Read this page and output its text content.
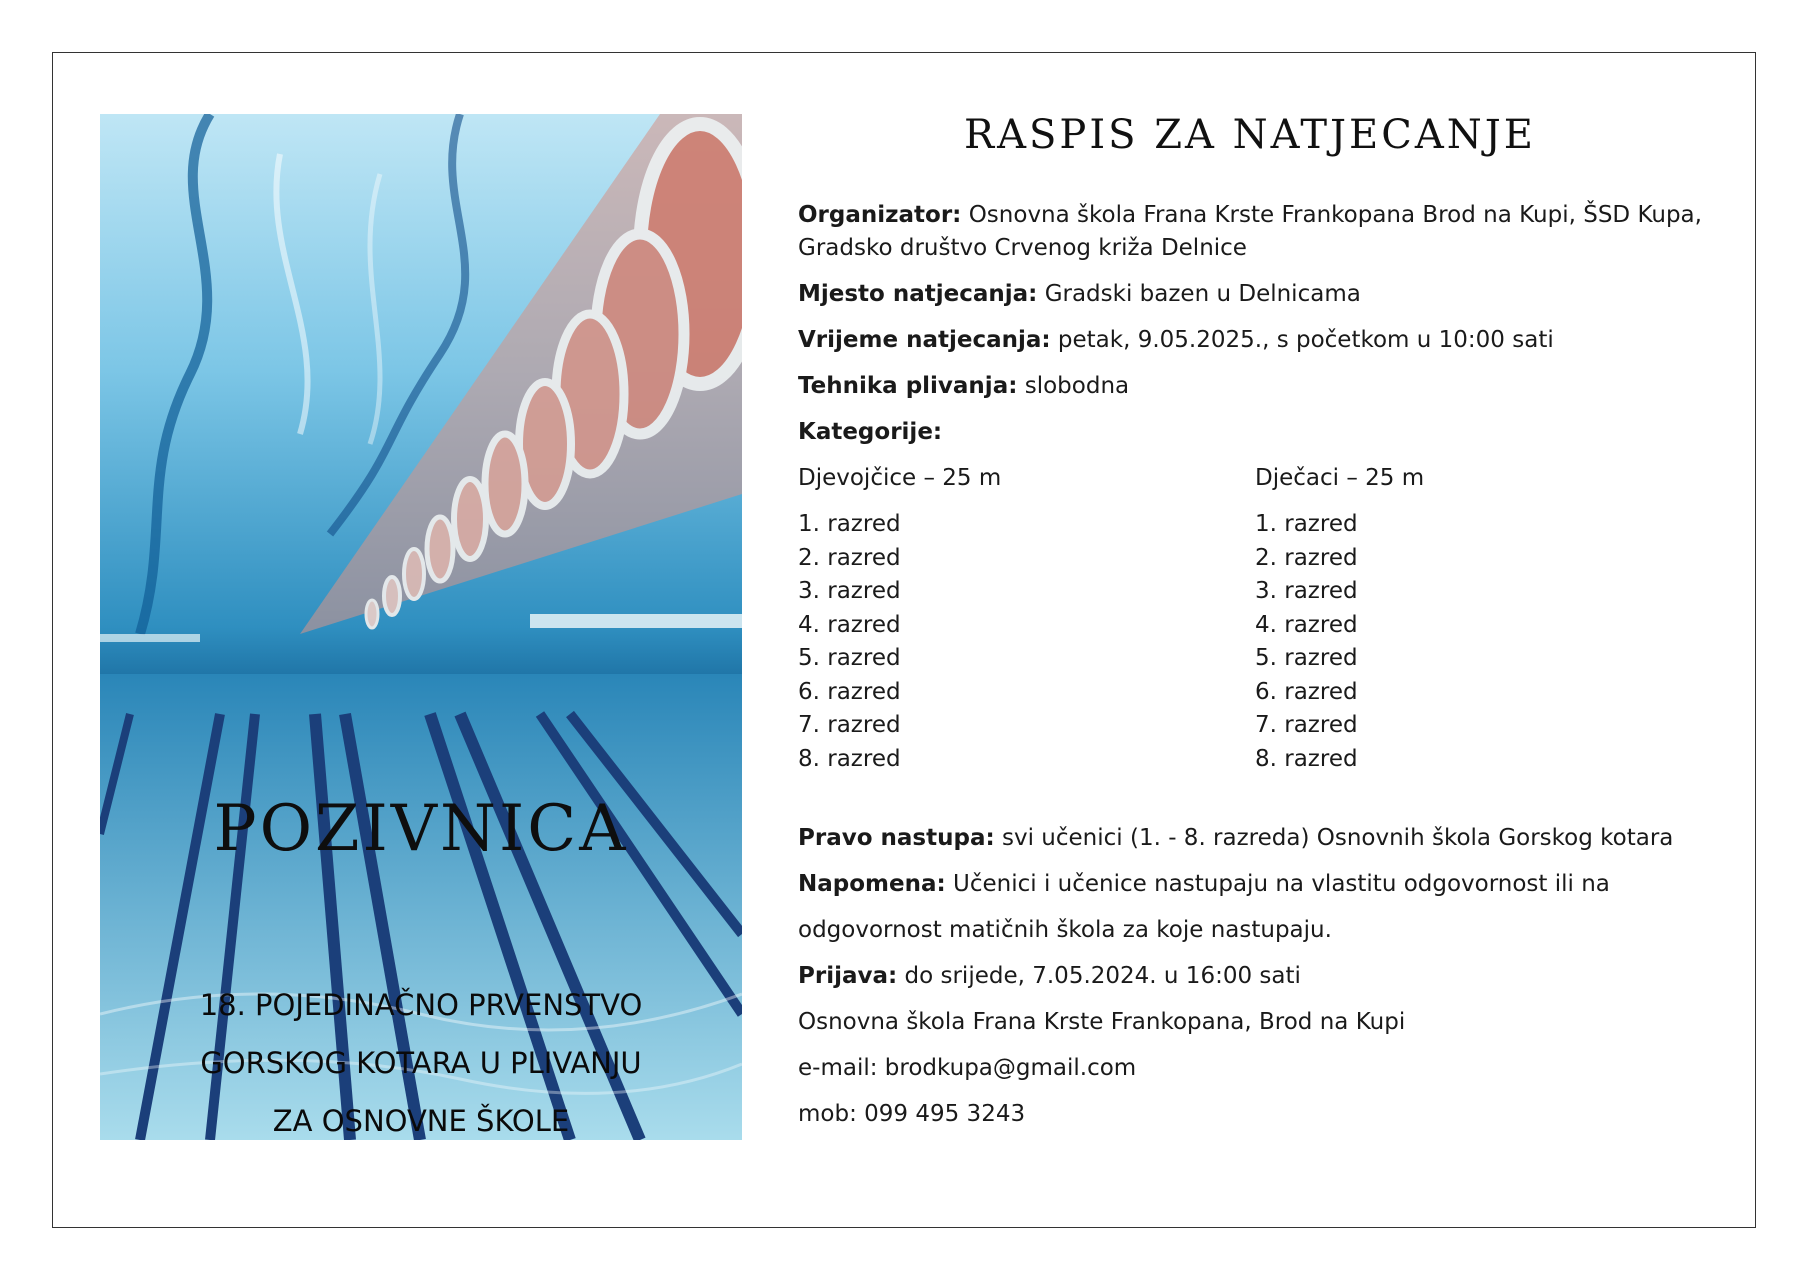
POZIVNICA
18. POJEDINAČNO PRVENSTVO
GORSKOG KOTARA U PLIVANJU
ZA OSNOVNE ŠKOLE
RASPIS ZA NATJECANJE
Organizator: Osnovna škola Frana Krste Frankopana Brod na Kupi, ŠSD Kupa,
Gradsko društvo Crvenog križa Delnice
Mjesto natjecanja: Gradski bazen u Delnicama
Vrijeme natjecanja: petak, 9.05.2025., s početkom u 10:00 sati
Tehnika plivanja: slobodna
Kategorije:
Djevojčice – 25 m	Dječaci – 25 m
1. razred
2. razred
3. razred
4. razred
5. razred
6. razred
7. razred
8. razred
1. razred
2. razred
3. razred
4. razred
5. razred
6. razred
7. razred
8. razred
Pravo nastupa: svi učenici (1. - 8. razreda) Osnovnih škola Gorskog kotara
Napomena: Učenici i učenice nastupaju na vlastitu odgovornost ili na
odgovornost matičnih škola za koje nastupaju.
Prijava: do srijede, 7.05.2024. u 16:00 sati
Osnovna škola Frana Krste Frankopana, Brod na Kupi
e-mail: brodkupa@gmail.com
mob: 099 495 3243
